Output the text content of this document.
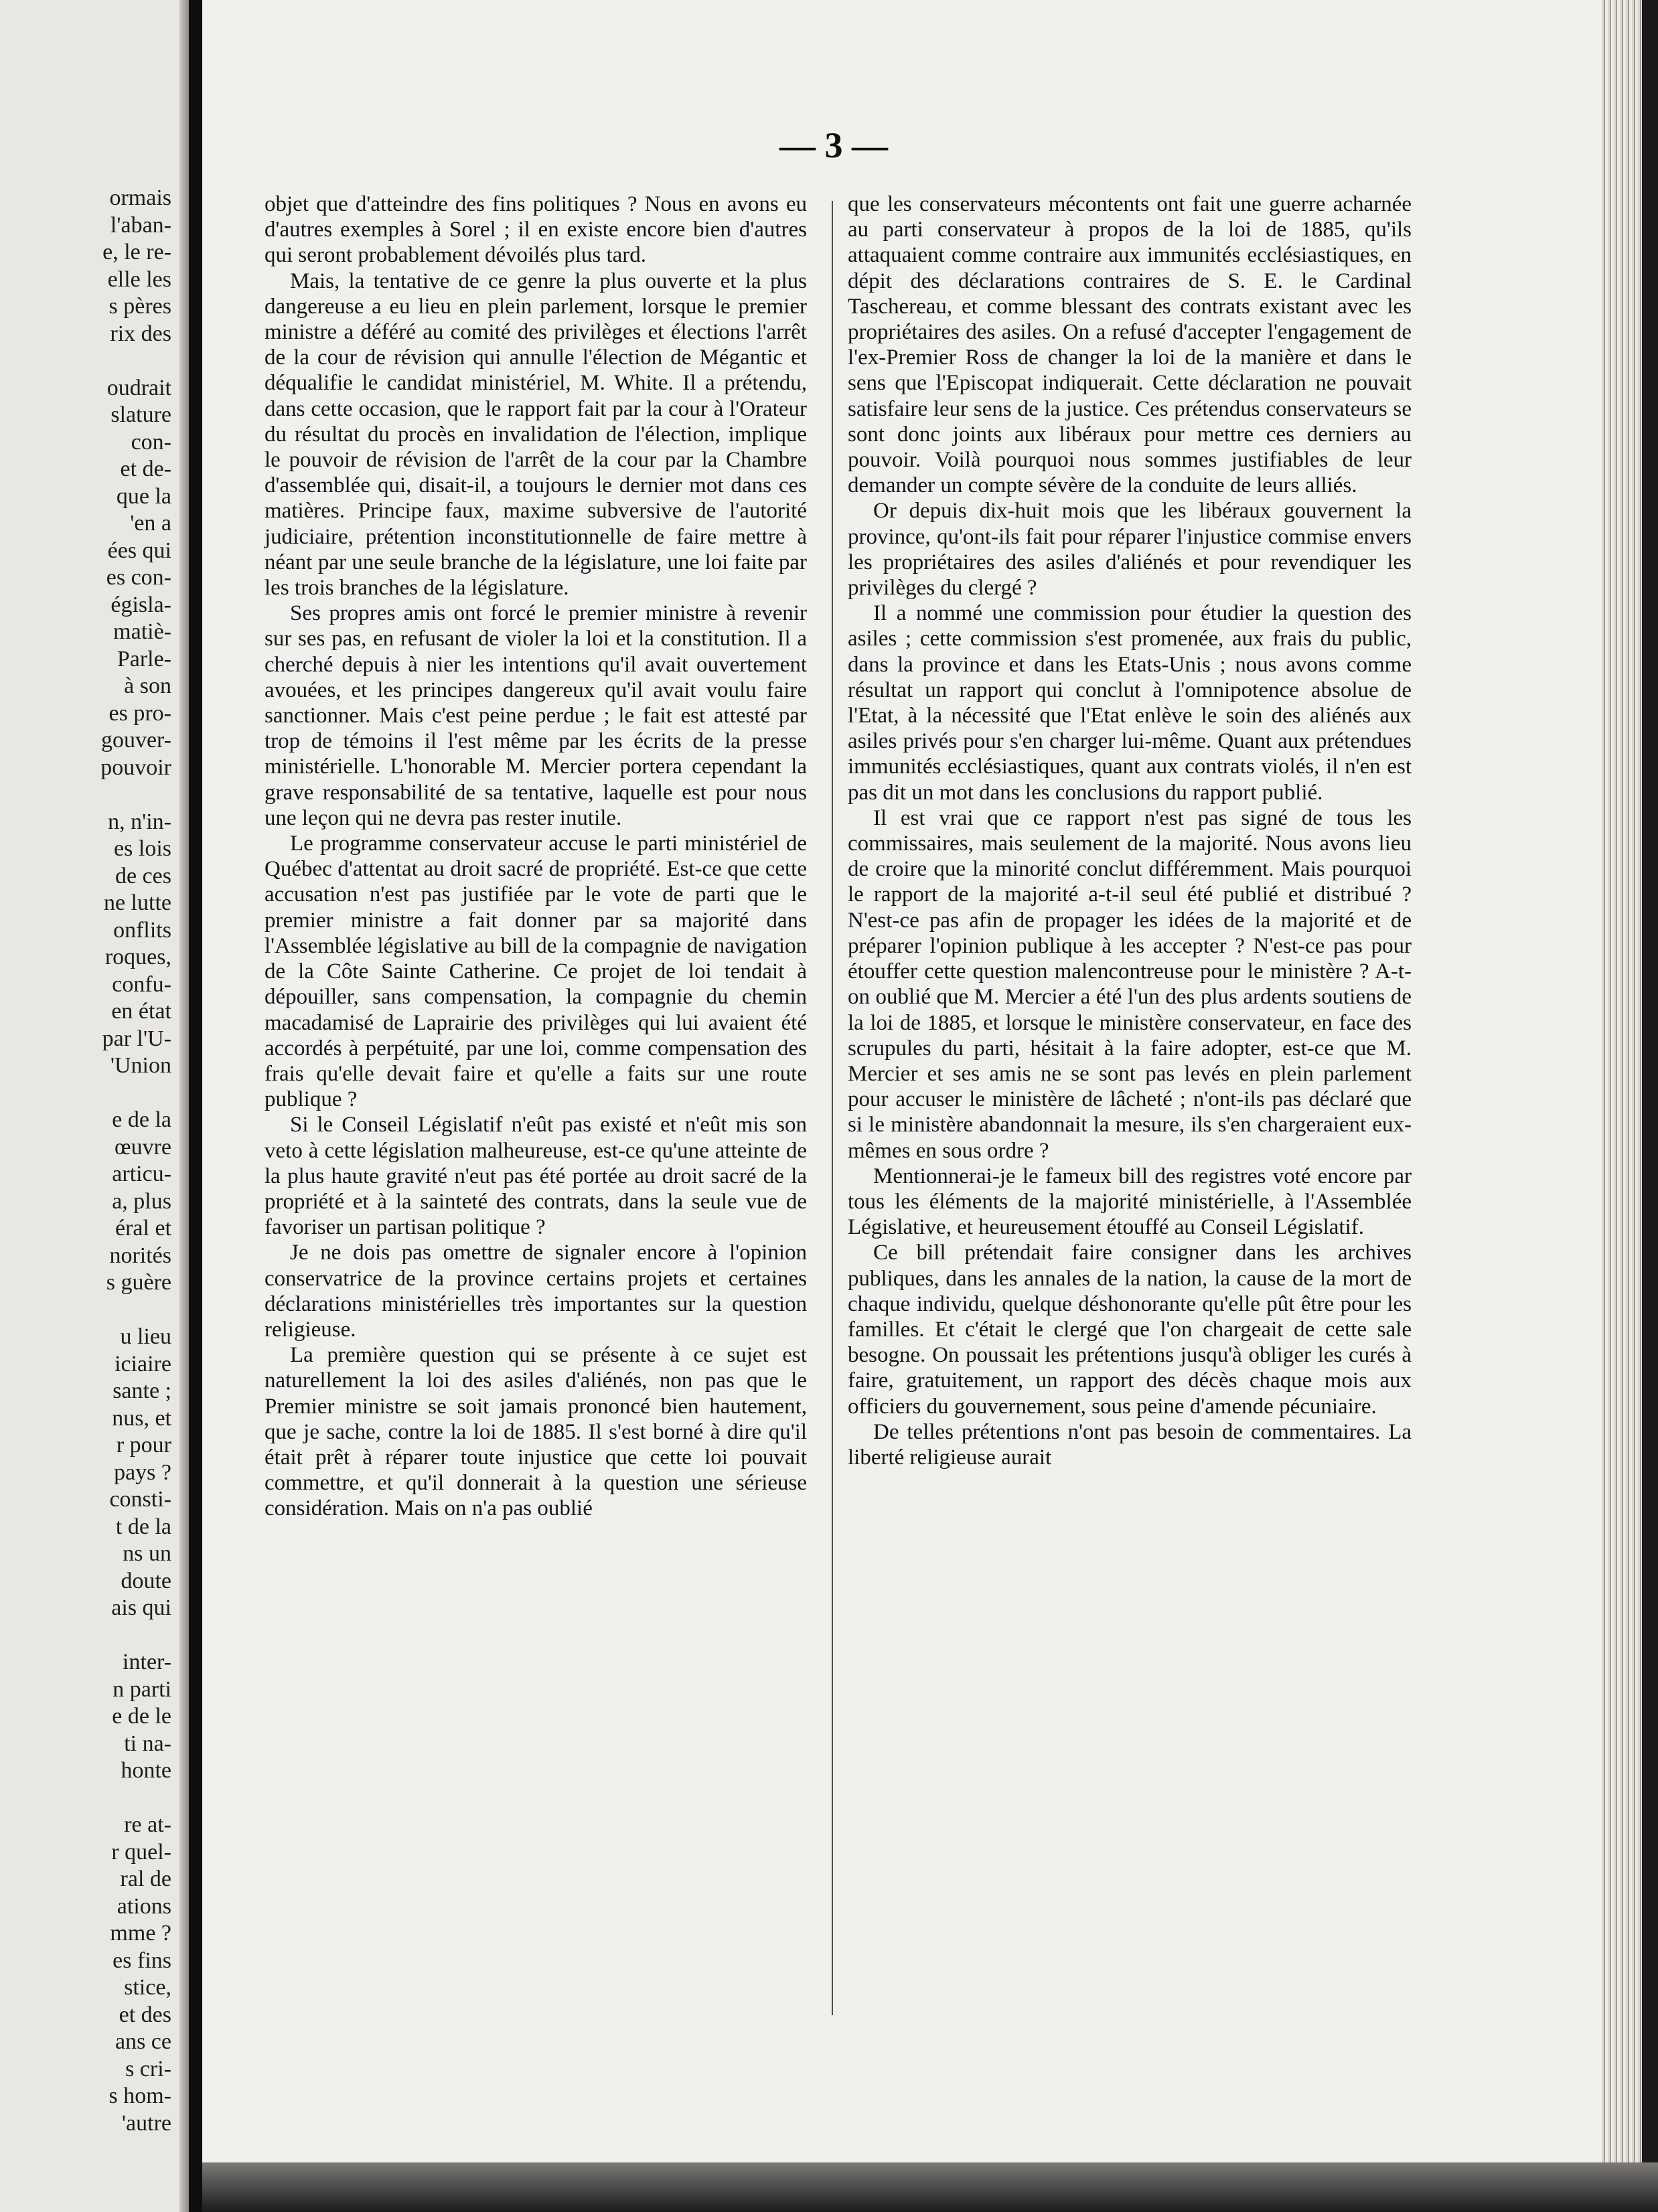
ormais
l'aban-
e, le re-
elle les
s pères
rix des
oudrait
slature
con-
et de-
que la
'en a
ées qui
es con-
égisla-
matiè-
Parle-
à son
es pro-
gouver-
pouvoir
n, n'in-
es lois
de ces
ne lutte
onflits
roques,
confu-
en état
par l'U-
'Union
e de la
œuvre
articu-
a, plus
éral et
norités
s guère
u lieu
iciaire
sante ;
nus, et
r pour
pays ?
consti-
t de la
ns un
doute
ais qui
inter-
n parti
e de le
ti na-
honte
re at-
r quel-
ral de
ations
mme ?
es fins
stice,
et des
ans ce
s cri-
s hom-
'autre
— 3 —

objet que d'atteindre des fins politiques ? Nous en avons eu d'autres exemples à Sorel ; il en existe encore bien d'autres qui seront probablement dévoilés plus tard.

Mais, la tentative de ce genre la plus ouverte et la plus dangereuse a eu lieu en plein parlement, lorsque le premier ministre a déféré au comité des privilèges et élections l'arrêt de la cour de révision qui annulle l'élection de Mégantic et déqualifie le candidat ministériel, M. White. Il a prétendu, dans cette occasion, que le rapport fait par la cour à l'Orateur du résultat du procès en invalidation de l'élection, implique le pouvoir de révision de l'arrêt de la cour par la Chambre d'assemblée qui, disait-il, a toujours le dernier mot dans ces matières. Principe faux, maxime subversive de l'autorité judiciaire, prétention inconstitutionnelle de faire mettre à néant par une seule branche de la législature, une loi faite par les trois branches de la législature.

Ses propres amis ont forcé le premier ministre à revenir sur ses pas, en refusant de violer la loi et la constitution. Il a cherché depuis à nier les intentions qu'il avait ouvertement avouées, et les principes dangereux qu'il avait voulu faire sanctionner. Mais c'est peine perdue ; le fait est attesté par trop de témoins il l'est même par les écrits de la presse ministérielle. L'honorable M. Mercier portera cependant la grave responsabilité de sa tentative, laquelle est pour nous une leçon qui ne devra pas rester inutile.

Le programme conservateur accuse le parti ministériel de Québec d'attentat au droit sacré de propriété. Est-ce que cette accusation n'est pas justifiée par le vote de parti que le premier ministre a fait donner par sa majorité dans l'Assemblée législative au bill de la compagnie de navigation de la Côte Sainte Catherine. Ce projet de loi tendait à dépouiller, sans compensation, la compagnie du chemin macadamisé de Laprairie des privilèges qui lui avaient été accordés à perpétuité, par une loi, comme compensation des frais qu'elle devait faire et qu'elle a faits sur une route publique ?

Si le Conseil Législatif n'eût pas existé et n'eût mis son veto à cette législation malheureuse, est-ce qu'une atteinte de la plus haute gravité n'eut pas été portée au droit sacré de la propriété et à la sainteté des contrats, dans la seule vue de favoriser un partisan politique ?

Je ne dois pas omettre de signaler encore à l'opinion conservatrice de la province certains projets et certaines déclarations ministérielles très importantes sur la question religieuse.

La première question qui se présente à ce sujet est naturellement la loi des asiles d'aliénés, non pas que le Premier ministre se soit jamais prononcé bien hautement, que je sache, contre la loi de 1885. Il s'est borné à dire qu'il était prêt à réparer toute injustice que cette loi pouvait commettre, et qu'il donnerait à la question une sérieuse considération. Mais on n'a pas oublié

que les conservateurs mécontents ont fait une guerre acharnée au parti conservateur à propos de la loi de 1885, qu'ils attaquaient comme contraire aux immunités ecclésiastiques, en dépit des déclarations contraires de S. E. le Cardinal Taschereau, et comme blessant des contrats existant avec les propriétaires des asiles. On a refusé d'accepter l'engagement de l'ex-Premier Ross de changer la loi de la manière et dans le sens que l'Episcopat indiquerait. Cette déclaration ne pouvait satisfaire leur sens de la justice. Ces prétendus conservateurs se sont donc joints aux libéraux pour mettre ces derniers au pouvoir. Voilà pourquoi nous sommes justifiables de leur demander un compte sévère de la conduite de leurs alliés.

Or depuis dix-huit mois que les libéraux gouvernent la province, qu'ont-ils fait pour réparer l'injustice commise envers les propriétaires des asiles d'aliénés et pour revendiquer les privilèges du clergé ?

Il a nommé une commission pour étudier la question des asiles ; cette commission s'est promenée, aux frais du public, dans la province et dans les Etats-Unis ; nous avons comme résultat un rapport qui conclut à l'omnipotence absolue de l'Etat, à la nécessité que l'Etat enlève le soin des aliénés aux asiles privés pour s'en charger lui-même. Quant aux prétendues immunités ecclésiastiques, quant aux contrats violés, il n'en est pas dit un mot dans les conclusions du rapport publié.

Il est vrai que ce rapport n'est pas signé de tous les commissaires, mais seulement de la majorité. Nous avons lieu de croire que la minorité conclut différemment. Mais pourquoi le rapport de la majorité a-t-il seul été publié et distribué ? N'est-ce pas afin de propager les idées de la majorité et de préparer l'opinion publique à les accepter ? N'est-ce pas pour étouffer cette question malencontreuse pour le ministère ? A-t-on oublié que M. Mercier a été l'un des plus ardents soutiens de la loi de 1885, et lorsque le ministère conservateur, en face des scrupules du parti, hésitait à la faire adopter, est-ce que M. Mercier et ses amis ne se sont pas levés en plein parlement pour accuser le ministère de lâcheté ; n'ont-ils pas déclaré que si le ministère abandonnait la mesure, ils s'en chargeraient eux-mêmes en sous ordre ?

Mentionnerai-je le fameux bill des registres voté encore par tous les éléments de la majorité ministérielle, à l'Assemblée Législative, et heureusement étouffé au Conseil Législatif.

Ce bill prétendait faire consigner dans les archives publiques, dans les annales de la nation, la cause de la mort de chaque individu, quelque déshonorante qu'elle pût être pour les familles. Et c'était le clergé que l'on chargeait de cette sale besogne. On poussait les prétentions jusqu'à obliger les curés à faire, gratuitement, un rapport des décès chaque mois aux officiers du gouvernement, sous peine d'amende pécuniaire.

De telles prétentions n'ont pas besoin de commentaires. La liberté religieuse aurait
